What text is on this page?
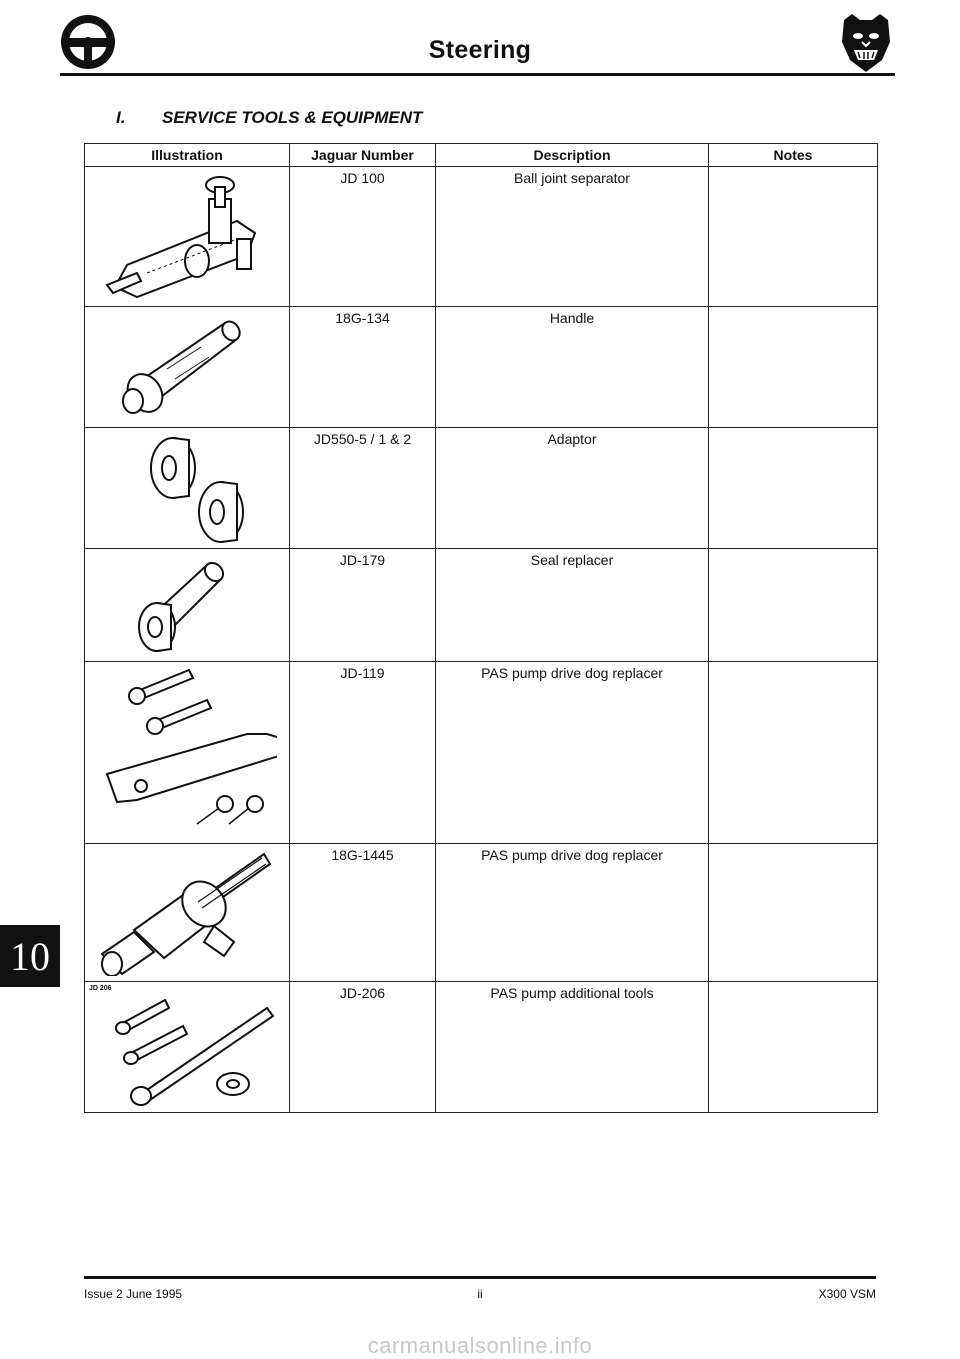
Steering
I. SERVICE TOOLS & EQUIPMENT
Illustration	Jaguar Number	Description	Notes

	JD 100	Ball joint separator	

	18G-134	Handle	

	JD550-5 / 1 & 2	Adaptor	

	JD-179	Seal replacer	

	JD-119	PAS pump drive dog replacer	

	18G-1445	PAS pump drive dog replacer	

JD 206	JD-206	PAS pump additional tools	
10
Issue 2 June 1995	ii	X300 VSM
carmanualsonline.info
